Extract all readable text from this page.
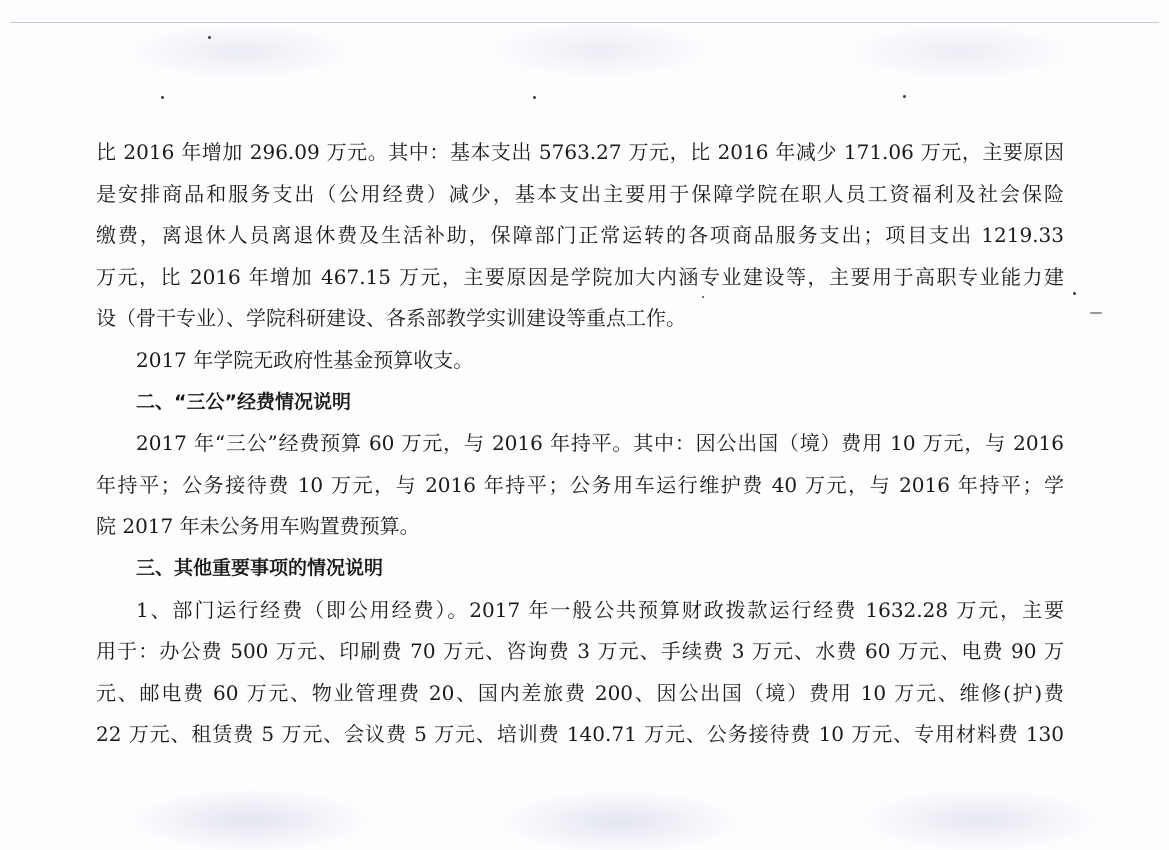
比 2016 年增加 296.09 万元。其中：基本支出 5763.27 万元，比 2016 年减少 171.06 万元，主要原因
是安排商品和服务支出（公用经费）减少，基本支出主要用于保障学院在职人员工资福利及社会保险
缴费，离退休人员离退休费及生活补助，保障部门正常运转的各项商品服务支出；项目支出 1219.33
万元，比 2016 年增加 467.15 万元，主要原因是学院加大内涵专业建设等，主要用于高职专业能力建
设（骨干专业）、学院科研建设、各系部教学实训建设等重点工作。
2017 年学院无政府性基金预算收支。
二、“三公”经费情况说明
2017 年“三公”经费预算 60 万元，与 2016 年持平。其中：因公出国（境）费用 10 万元，与 2016
年持平；公务接待费 10 万元，与 2016 年持平；公务用车运行维护费 40 万元，与 2016 年持平；学
院 2017 年未公务用车购置费预算。
三、其他重要事项的情况说明
1、部门运行经费（即公用经费）。2017 年一般公共预算财政拨款运行经费 1632.28 万元，主要
用于：办公费 500 万元、印刷费 70 万元、咨询费 3 万元、手续费 3 万元、水费 60 万元、电费 90 万
元、邮电费 60 万元、物业管理费 20、国内差旅费 200、因公出国（境）费用 10 万元、维修(护)费
22 万元、租赁费 5 万元、会议费 5 万元、培训费 140.71 万元、公务接待费 10 万元、专用材料费 130
